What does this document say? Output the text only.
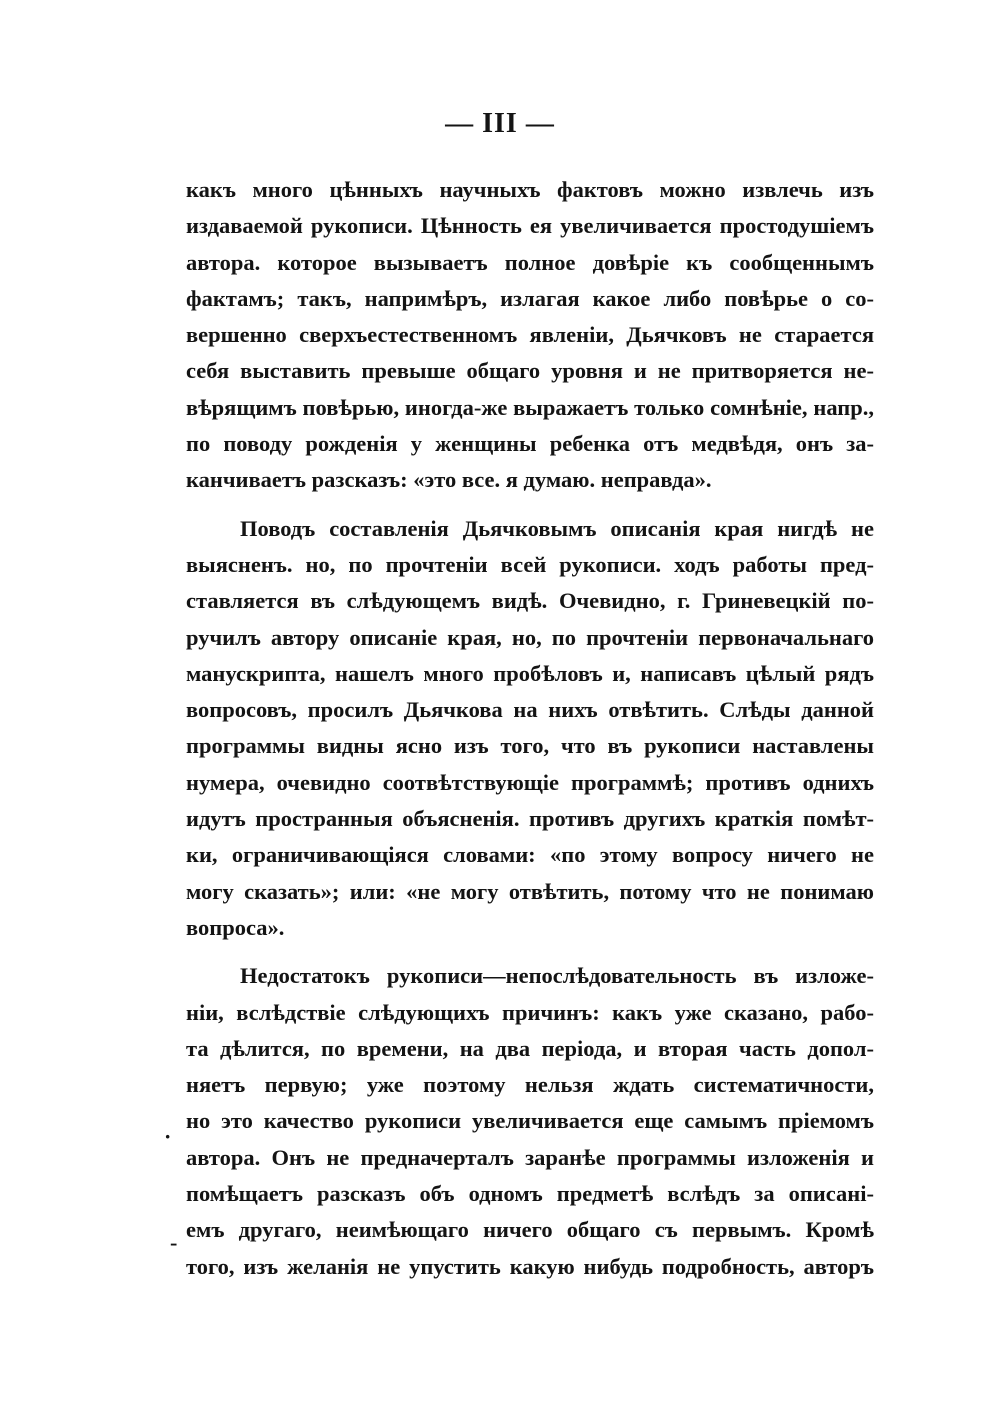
— III —
какъ много цѣнныхъ научныхъ фактовъ можно извлечь изъ
издаваемой рукописи. Цѣнность ея увеличивается простодушіемъ
автора. которое вызываетъ полное довѣріе къ сообщеннымъ
фактамъ; такъ, напримѣръ, излагая какое либо повѣрье о со-
вершенно сверхъестественномъ явленіи, Дьячковъ не старается
себя выставить превыше общаго уровня и не притворяется не-
вѣрящимъ повѣрью, иногда-же выражаетъ только сомнѣніе, напр.,
по поводу рожденія у женщины ребенка отъ медвѣдя, онъ за-
канчиваетъ разсказъ: «это все. я думаю. неправда».
Поводъ составленія Дьячковымъ описанія края нигдѣ не
выясненъ. но, по прочтеніи всей рукописи. ходъ работы пред-
ставляется въ слѣдующемъ видѣ. Очевидно, г. Гриневецкій по-
ручилъ автору описаніе края, но, по прочтеніи первоначальнаго
манускрипта, нашелъ много пробѣловъ и, написавъ цѣлый рядъ
вопросовъ, просилъ Дьячкова на нихъ отвѣтить. Слѣды данной
программы видны ясно изъ того, что въ рукописи наставлены
нумера, очевидно соотвѣтствующіе программѣ; противъ однихъ
идутъ пространныя объясненія. противъ другихъ краткія помѣт-
ки, ограничивающіяся словами: «по этому вопросу ничего не
могу сказать»; или: «не могу отвѣтить, потому что не понимаю
вопроса».
Недостатокъ рукописи—непослѣдовательность въ изложе-
ніи, вслѣдствіе слѣдующихъ причинъ: какъ уже сказано, рабо-
та дѣлится, по времени, на два періода, и вторая часть допол-
няетъ первую; уже поэтому нельзя ждать систематичности,
но это качество рукописи увеличивается еще самымъ пріемомъ
автора. Онъ не предначерталъ заранѣе программы изложенія и
помѣщаетъ разсказъ объ одномъ предметѣ вслѣдъ за описані-
емъ другаго, неимѣющаго ничего общаго съ первымъ. Кромѣ
того, изъ желанія не упустить какую нибудь подробность, авторъ
·
-
